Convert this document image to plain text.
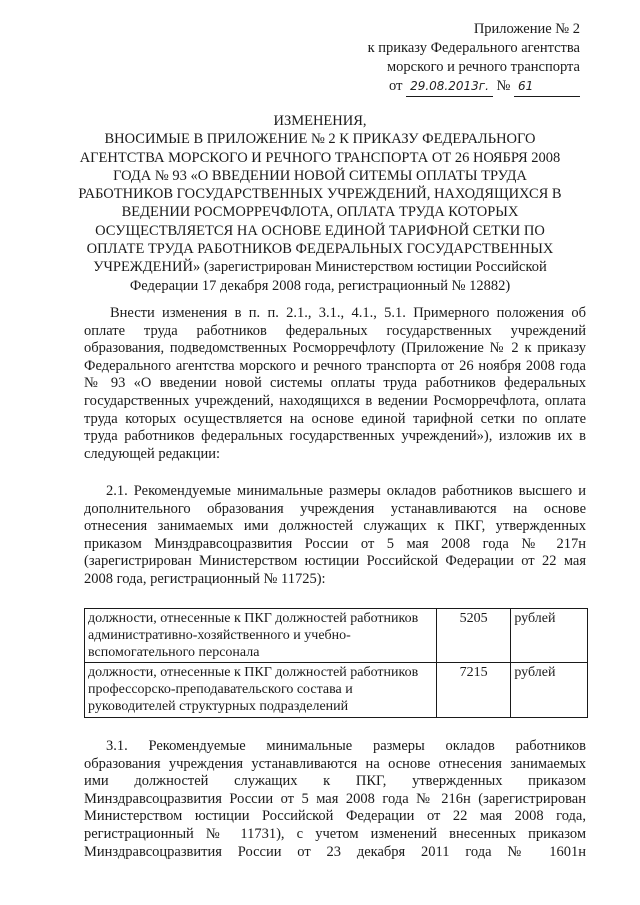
Приложение № 2
к приказу Федерального агентства
морского и речного транспорта
от 29.08.2013г. № 61
ИЗМЕНЕНИЯ,
ВНОСИМЫЕ В ПРИЛОЖЕНИЕ № 2 К ПРИКАЗУ ФЕДЕРАЛЬНОГО
АГЕНТСТВА МОРСКОГО И РЕЧНОГО ТРАНСПОРТА ОТ 26 НОЯБРЯ 2008
ГОДА № 93 «О ВВЕДЕНИИ НОВОЙ СИТЕМЫ ОПЛАТЫ ТРУДА
РАБОТНИКОВ ГОСУДАРСТВЕННЫХ УЧРЕЖДЕНИЙ, НАХОДЯЩИХСЯ В
ВЕДЕНИИ РОСМОРРЕЧФЛОТА, ОПЛАТА ТРУДА КОТОРЫХ
ОСУЩЕСТВЛЯЕТСЯ НА ОСНОВЕ ЕДИНОЙ ТАРИФНОЙ СЕТКИ ПО
ОПЛАТЕ ТРУДА РАБОТНИКОВ ФЕДЕРАЛЬНЫХ ГОСУДАРСТВЕННЫХ
УЧРЕЖДЕНИЙ» (зарегистрирован Министерством юстиции Российской
Федерации 17 декабря 2008 года, регистрационный № 12882)
Внести изменения в п. п. 2.1., 3.1., 4.1., 5.1. Примерного положения об
оплате труда работников федеральных государственных учреждений
образования, подведомственных Росморречфлоту (Приложение № 2 к приказу
Федерального агентства морского и речного транспорта от 26 ноября 2008 года
№ 93 «О введении новой системы оплаты труда работников федеральных
государственных учреждений, находящихся в ведении Росморречфлота, оплата
труда которых осуществляется на основе единой тарифной сетки по оплате
труда работников федеральных государственных учреждений»), изложив их в
следующей редакции:
2.1. Рекомендуемые минимальные размеры окладов работников высшего и
дополнительного образования учреждения устанавливаются на основе
отнесения занимаемых ими должностей служащих к ПКГ, утвержденных
приказом Минздравсоцразвития России от 5 мая 2008 года № 217н
(зарегистрирован Министерством юстиции Российской Федерации от 22 мая
2008 года, регистрационный № 11725):
должности, отнесенные к ПКГ должностей работников
административно-хозяйственного и учебно-
вспомогательного персонала	5205	рублей

должности, отнесенные к ПКГ должностей работников
профессорско-преподавательского состава и
руководителей структурных подразделений	7215	рублей
3.1. Рекомендуемые минимальные размеры окладов работников
образования учреждения устанавливаются на основе отнесения занимаемых
ими должностей служащих к ПКГ, утвержденных приказом
Минздравсоцразвития России от 5 мая 2008 года № 216н (зарегистрирован
Министерством юстиции Российской Федерации от 22 мая 2008 года,
регистрационный № 11731), с учетом изменений внесенных приказом
Минздравсоцразвития России от 23 декабря 2011 года № 1601н
